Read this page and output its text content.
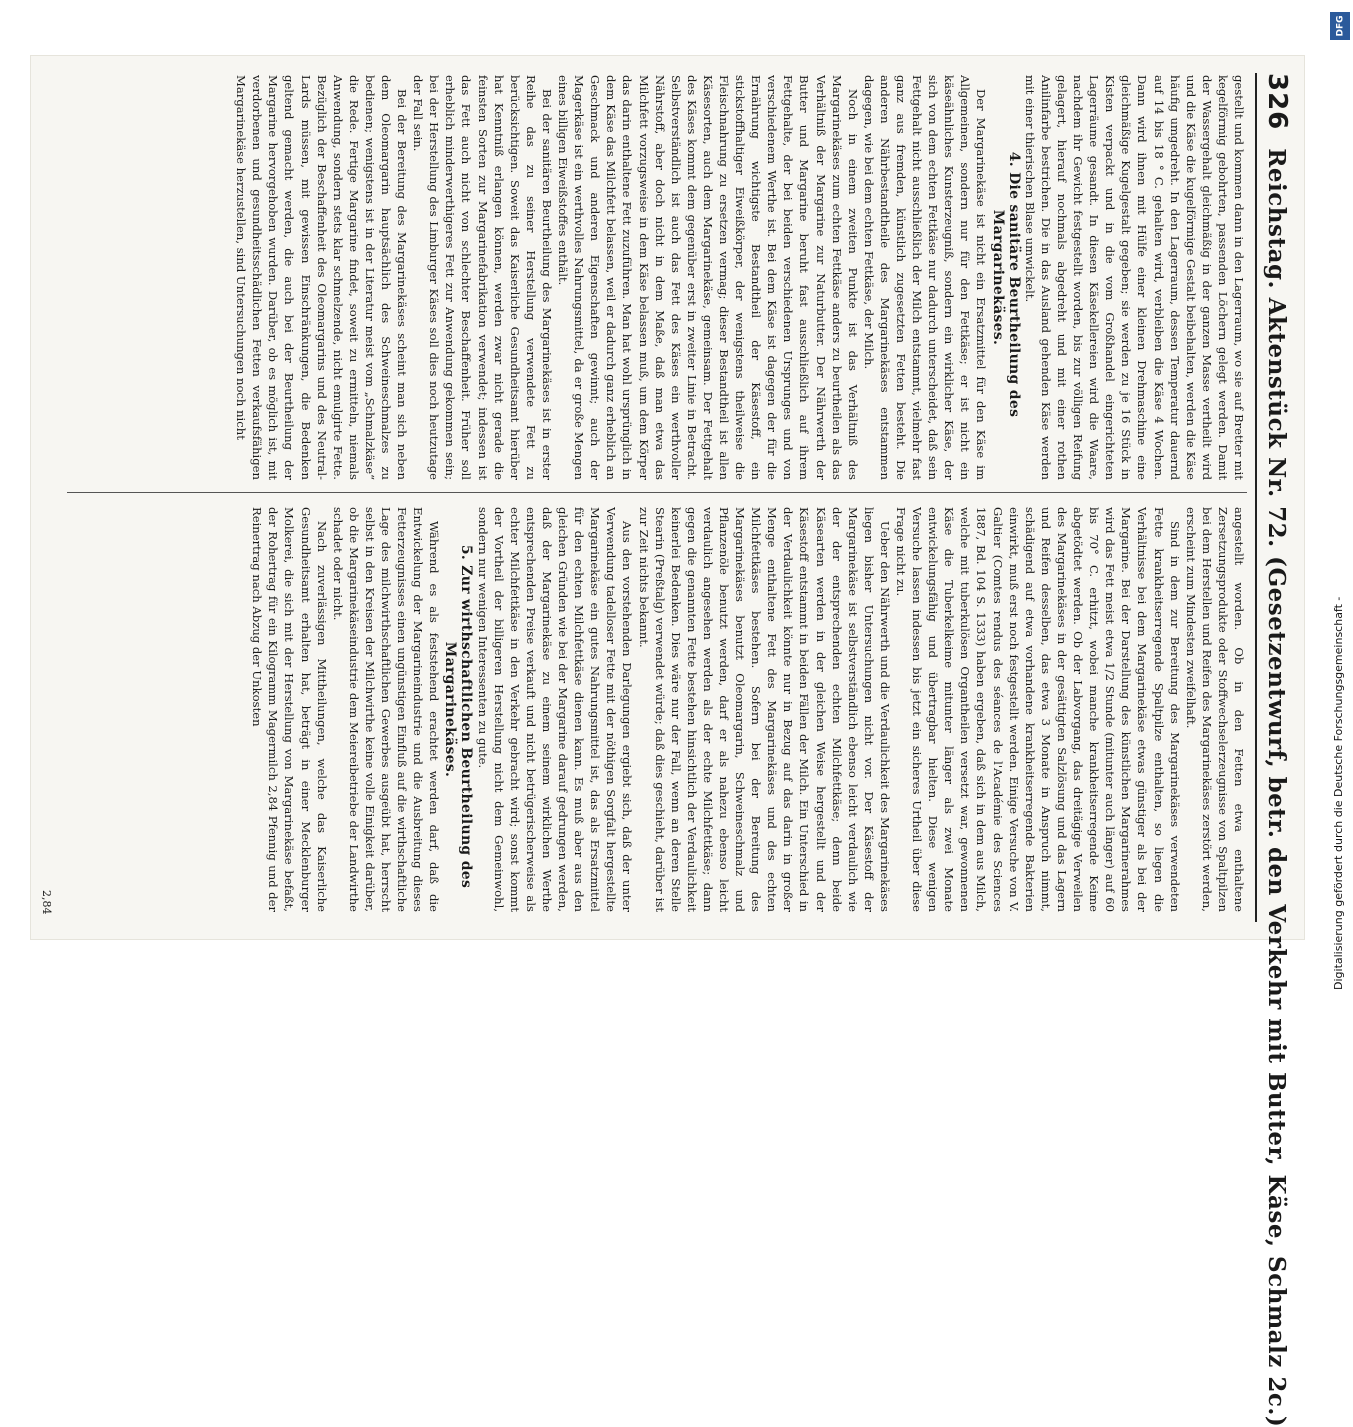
326
Reichstag. Aktenstück Nr. 72. (Gesetzentwurf, betr. den Verkehr mit Butter, Käse, Schmalz 2c.)

gestellt und kommen dann in den Lagerraum, wo sie auf Bretter mit kegelförmig gebohrten, passenden Löchern gelegt werden. Damit der Wassergehalt gleichmäßig in der ganzen Masse vertheilt wird und die Käse die kugelförmige Gestalt beibehalten, werden die Käse häufig umgedreht. In den Lagerraum, dessen Temperatur dauernd auf 14 bis 18 ° C. gehalten wird, verbleiben die Käse 4 Wochen. Dann wird ihnen mit Hülfe einer kleinen Drehmaschine eine gleichmäßige Kugelgestalt gegeben; sie werden zu je 16 Stück in Kisten verpackt und in die vom Großhandel eingerichteten Lagerräume gesandt. In diesen Käsekellereien wird die Waare, nachdem ihr Gewicht festgestellt worden, bis zur völligen Reifung gelagert, hierauf nochmals abgedreht und mit einer rothen Anilinfarbe bestrichen. Die in das Ausland gehenden Käse werden mit einer thierischen Blase umwickelt.

4. Die sanitäre Beurtheilung des Margarinekäses.

Der Margarinekäse ist nicht ein Ersatzmittel für den Käse im Allgemeinen, sondern nur für den Fettkäse; er ist nicht ein käseähnliches Kunsterzeugniß, sondern ein wirklicher Käse, der sich von dem echten Fettkäse nur dadurch unterscheidet, daß sein Fettgehalt nicht ausschließlich der Milch entstammt, vielmehr fast ganz aus fremden, künstlich zugesetzten Fetten besteht. Die anderen Nährbestandtheile des Margarinekäses entstammen dagegen, wie bei dem echten Fettkäse, der Milch.

Noch in einem zweiten Punkte ist das Verhältniß des Margarinekäses zum echten Fettkäse anders zu beurtheilen als das Verhältniß der Margarine zur Naturbutter. Der Nährwerth der Butter und Margarine beruht fast ausschließlich auf ihrem Fettgehalte, der bei beiden verschiedenen Ursprunges und von verschiedenem Werthe ist. Bei dem Käse ist dagegen der für die Ernährung wichtigste Bestandtheil der Käsestoff, ein stickstoffhaltiger Eiweißkörper, der wenigstens theilweise die Fleischnahrung zu ersetzen vermag; dieser Bestandtheil ist allen Käsesorten, auch dem Margarinekäse, gemeinsam. Der Fettgehalt des Käses kommt dem gegenüber erst in zweiter Linie in Betracht. Selbstverständlich ist auch das Fett des Käses ein werthvoller Nährstoff, aber doch nicht in dem Maße, daß man etwa das Milchfett vorzugsweise in dem Käse belassen muß, um dem Körper das darin enthaltene Fett zuzuführen. Man hat wohl ursprünglich in dem Käse das Milchfett belassen, weil er dadurch ganz erheblich an Geschmack und anderen Eigenschaften gewinnt; auch der Magerkäse ist ein werthvolles Nahrungsmittel, da er große Mengen eines billigen Eiweißstoffes enthält.

Bei der sanitären Beurtheilung des Margarinekäses ist in erster Reihe das zu seiner Herstellung verwendete Fett zu berücksichtigen. Soweit das Kaiserliche Gesundheitsamt hierüber hat Kenntniß erlangen können, werden zwar nicht gerade die feinsten Sorten zur Margarinefabrikation verwendet; indessen ist das Fett auch nicht von schlechter Beschaffenheit. Früher soll erheblich minderwerthigeres Fett zur Anwendung gekommen sein; bei der Herstellung des Limburger Käses soll dies noch heutzutage der Fall sein.

Bei der Bereitung des Margarinekäses scheint man sich neben dem Oleomargarin hauptsächlich des Schweineschmalzes zu bedienen; wenigstens ist in der Literatur meist vom „Schmalzkäse“ die Rede. Fertige Margarine findet, soweit zu ermitteln, niemals Anwendung, sondern stets klar schmelzende, nicht emulgirte Fette. Bezüglich der Beschaffenheit des Oleomargarins und des Neutral-Lards müssen, mit gewissen Einschränkungen, die Bedenken geltend gemacht werden, die auch bei der Beurtheilung der Margarine hervorgehoben wurden. Darüber, ob es möglich ist, mit verdorbenen und gesundheitsschädlichen Fetten verkaufsfähigen Margarinekäse herzustellen, sind Untersuchungen noch nicht

angestellt worden. Ob in den Fetten etwa enthaltene Zersetzungsprodukte oder Stoffwechselerzeugnisse von Spaltpilzen bei dem Herstellen und Reifen des Margarinekäses zerstört werden, erscheint zum Mindesten zweifelhaft.

Sind in dem zur Bereitung des Margarinekäses verwendeten Fette krankheitserregende Spaltpilze enthalten, so liegen die Verhältnisse bei dem Margarinekäse etwas günstiger als bei der Margarine. Bei der Darstellung des künstlichen Margarinerahmes wird das Fett meist etwa 1/2 Stunde (mitunter auch länger) auf 60 bis 70° C. erhitzt, wobei manche krankheitserregende Keime abgetödtet werden. Ob der Labvorgang, das dreitägige Verweilen des Margarinekäses in der gesättigten Salzlösung und das Lagern und Reifen desselben, das etwa 3 Monate in Anspruch nimmt, schädigend auf etwa vorhandene krankheitserregende Bakterien einwirkt, muß erst noch festgestellt werden. Einige Versuche von V. Galtier (Comtes rendus des séances de l'Académie des Sciences 1887, Bd. 104 S. 1333) haben ergeben, daß sich in dem aus Milch, welche mit tuberkulösen Organtheilen versetzt war, gewonnenen Käse die Tuberkelkeime mitunter länger als zwei Monate entwickelungsfähig und übertragbar hielten. Diese wenigen Versuche lassen indessen bis jetzt ein sicheres Urtheil über diese Frage nicht zu.

Ueber den Nährwerth und die Verdaulichkeit des Margarinekäses liegen bisher Untersuchungen nicht vor. Der Käsestoff der Margarinekäse ist selbstverständlich ebenso leicht verdaulich wie der der entsprechenden echten Milchfettkäse; denn beide Käsearten werden in der gleichen Weise hergestellt und der Käsestoff entstammt in beiden Fällen der Milch. Ein Unterschied in der Verdaulichkeit könnte nur in Bezug auf das darin in großer Menge enthaltene Fett des Margarinekäses und des echten Milchfettkäses bestehen. Sofern bei der Bereitung des Margarinekäses benutzt Oleomargarin, Schweineschmalz und Pflanzenöle benutzt werden, darf er als nahezu ebenso leicht verdaulich angesehen werden als der echte Milchfettkäse; dann gegen die genannten Fette bestehen hinsichtlich der Verdaulichkeit keinerlei Bedenken. Dies wäre nur der Fall, wenn an deren Stelle Stearin (Preßtalg) verwendet würde; daß dies geschieht, darüber ist zur Zeit nichts bekannt.

Aus den vorstehenden Darlegungen ergiebt sich, daß der unter Verwendung tadelloser Fette mit der nöthigen Sorgfalt hergestellte Margarinekäse ein gutes Nahrungsmittel ist, das als Ersatzmittel für den echten Milchfettkäse dienen kann. Es muß aber aus den gleichen Gründen wie bei der Margarine darauf gedrungen werden, daß der Margarinekäse zu einem seinem wirklichen Werthe entsprechenden Preise verkauft und nicht betrügerischerweise als echter Milchfettkäse in den Verkehr gebracht wird; sonst kommt der Vortheil der billigeren Herstellung nicht dem Gemeinwohl, sondern nur wenigen Interessenten zu gute.

5. Zur wirthschaftlichen Beurtheilung des Margarinekäses.

Während es als feststehend erachtet werden darf, daß die Entwickelung der Margarineindustrie und die Ausbreitung dieses Fetterzeugnisses einen ungünstigen Einfluß auf die wirthschaftliche Lage des milchwirthschaftlichen Gewerbes ausgeübt hat, herrscht selbst in den Kreisen der Milchwirthe keine volle Einigkeit darüber, ob die Margarinekäseindustrie dem Meiereibetriebe der Landwirthe schadet oder nicht.

Nach zuverlässigen Mittheilungen, welche das Kaiserliche Gesundheitsamt erhalten hat, beträgt in einer Mecklenburger Molkerei, die sich mit der Herstellung von Margarinekäse befaßt, der Rohertrag für ein Kilogramm Magermilch 2,84 Pfennig und der Reinertrag nach Abzug der Unkosten

2,84	Digitalisierung gefördert durch die Deutsche Forschungsgemeinschaft -
DFG
